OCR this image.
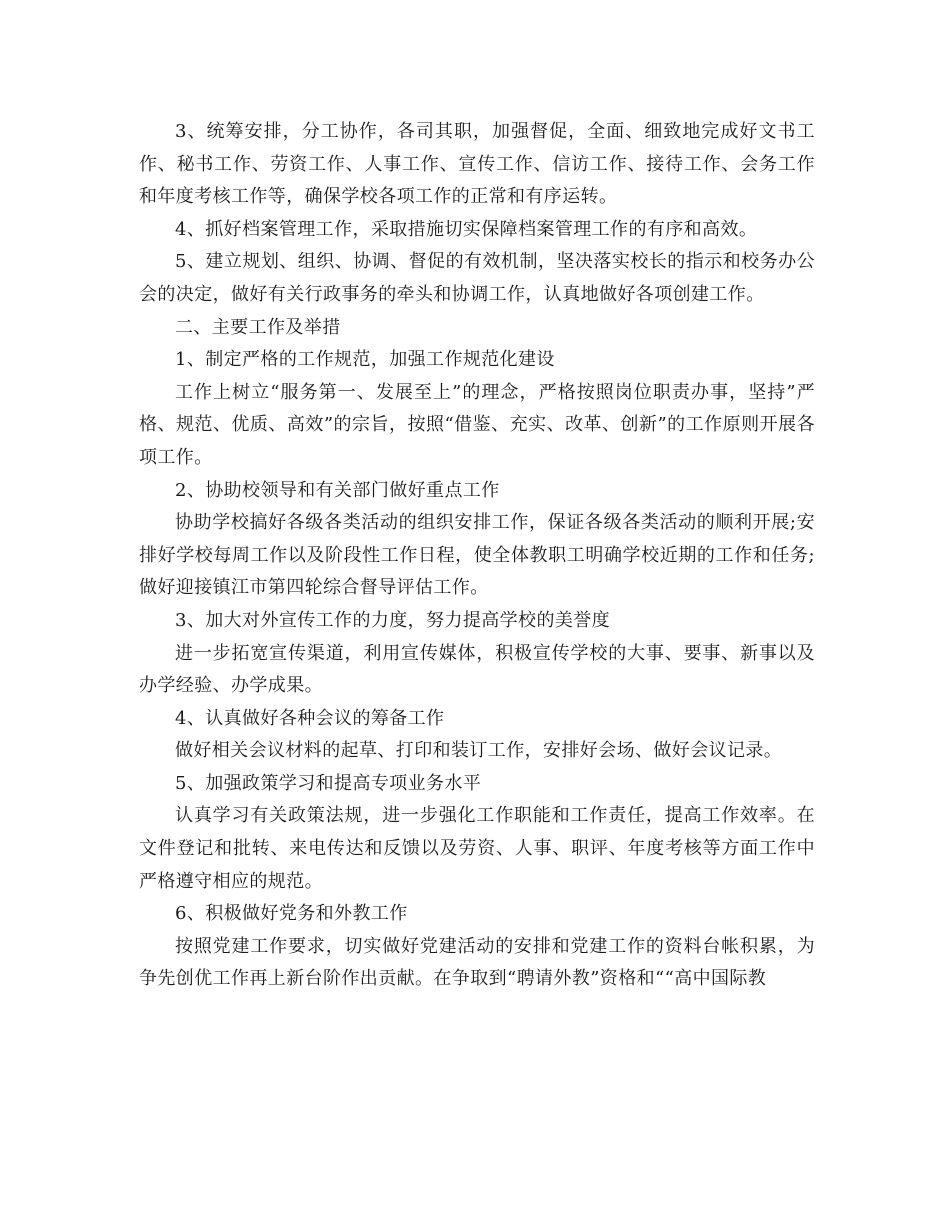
3、统筹安排，分工协作，各司其职，加强督促，全面、细致地完成好文书工作、秘书工作、劳资工作、人事工作、宣传工作、信访工作、接待工作、会务工作和年度考核工作等，确保学校各项工作的正常和有序运转。

4、抓好档案管理工作，采取措施切实保障档案管理工作的有序和高效。

5、建立规划、组织、协调、督促的有效机制，坚决落实校长的指示和校务办公会的决定，做好有关行政事务的牵头和协调工作，认真地做好各项创建工作。

二、主要工作及举措

1、制定严格的工作规范，加强工作规范化建设

工作上树立“服务第一、发展至上”的理念，严格按照岗位职责办事，坚持”严格、规范、优质、高效”的宗旨，按照“借鉴、充实、改革、创新”的工作原则开展各项工作。

2、协助校领导和有关部门做好重点工作

协助学校搞好各级各类活动的组织安排工作，保证各级各类活动的顺利开展;安排好学校每周工作以及阶段性工作日程，使全体教职工明确学校近期的工作和任务;做好迎接镇江市第四轮综合督导评估工作。

3、加大对外宣传工作的力度，努力提高学校的美誉度

进一步拓宽宣传渠道，利用宣传媒体，积极宣传学校的大事、要事、新事以及办学经验、办学成果。

4、认真做好各种会议的筹备工作

做好相关会议材料的起草、打印和装订工作，安排好会场、做好会议记录。

5、加强政策学习和提高专项业务水平

认真学习有关政策法规，进一步强化工作职能和工作责任，提高工作效率。在文件登记和批转、来电传达和反馈以及劳资、人事、职评、年度考核等方面工作中严格遵守相应的规范。

6、积极做好党务和外教工作

按照党建工作要求，切实做好党建活动的安排和党建工作的资料台帐积累，为争先创优工作再上新台阶作出贡献。在争取到“聘请外教”资格和““高中国际教
